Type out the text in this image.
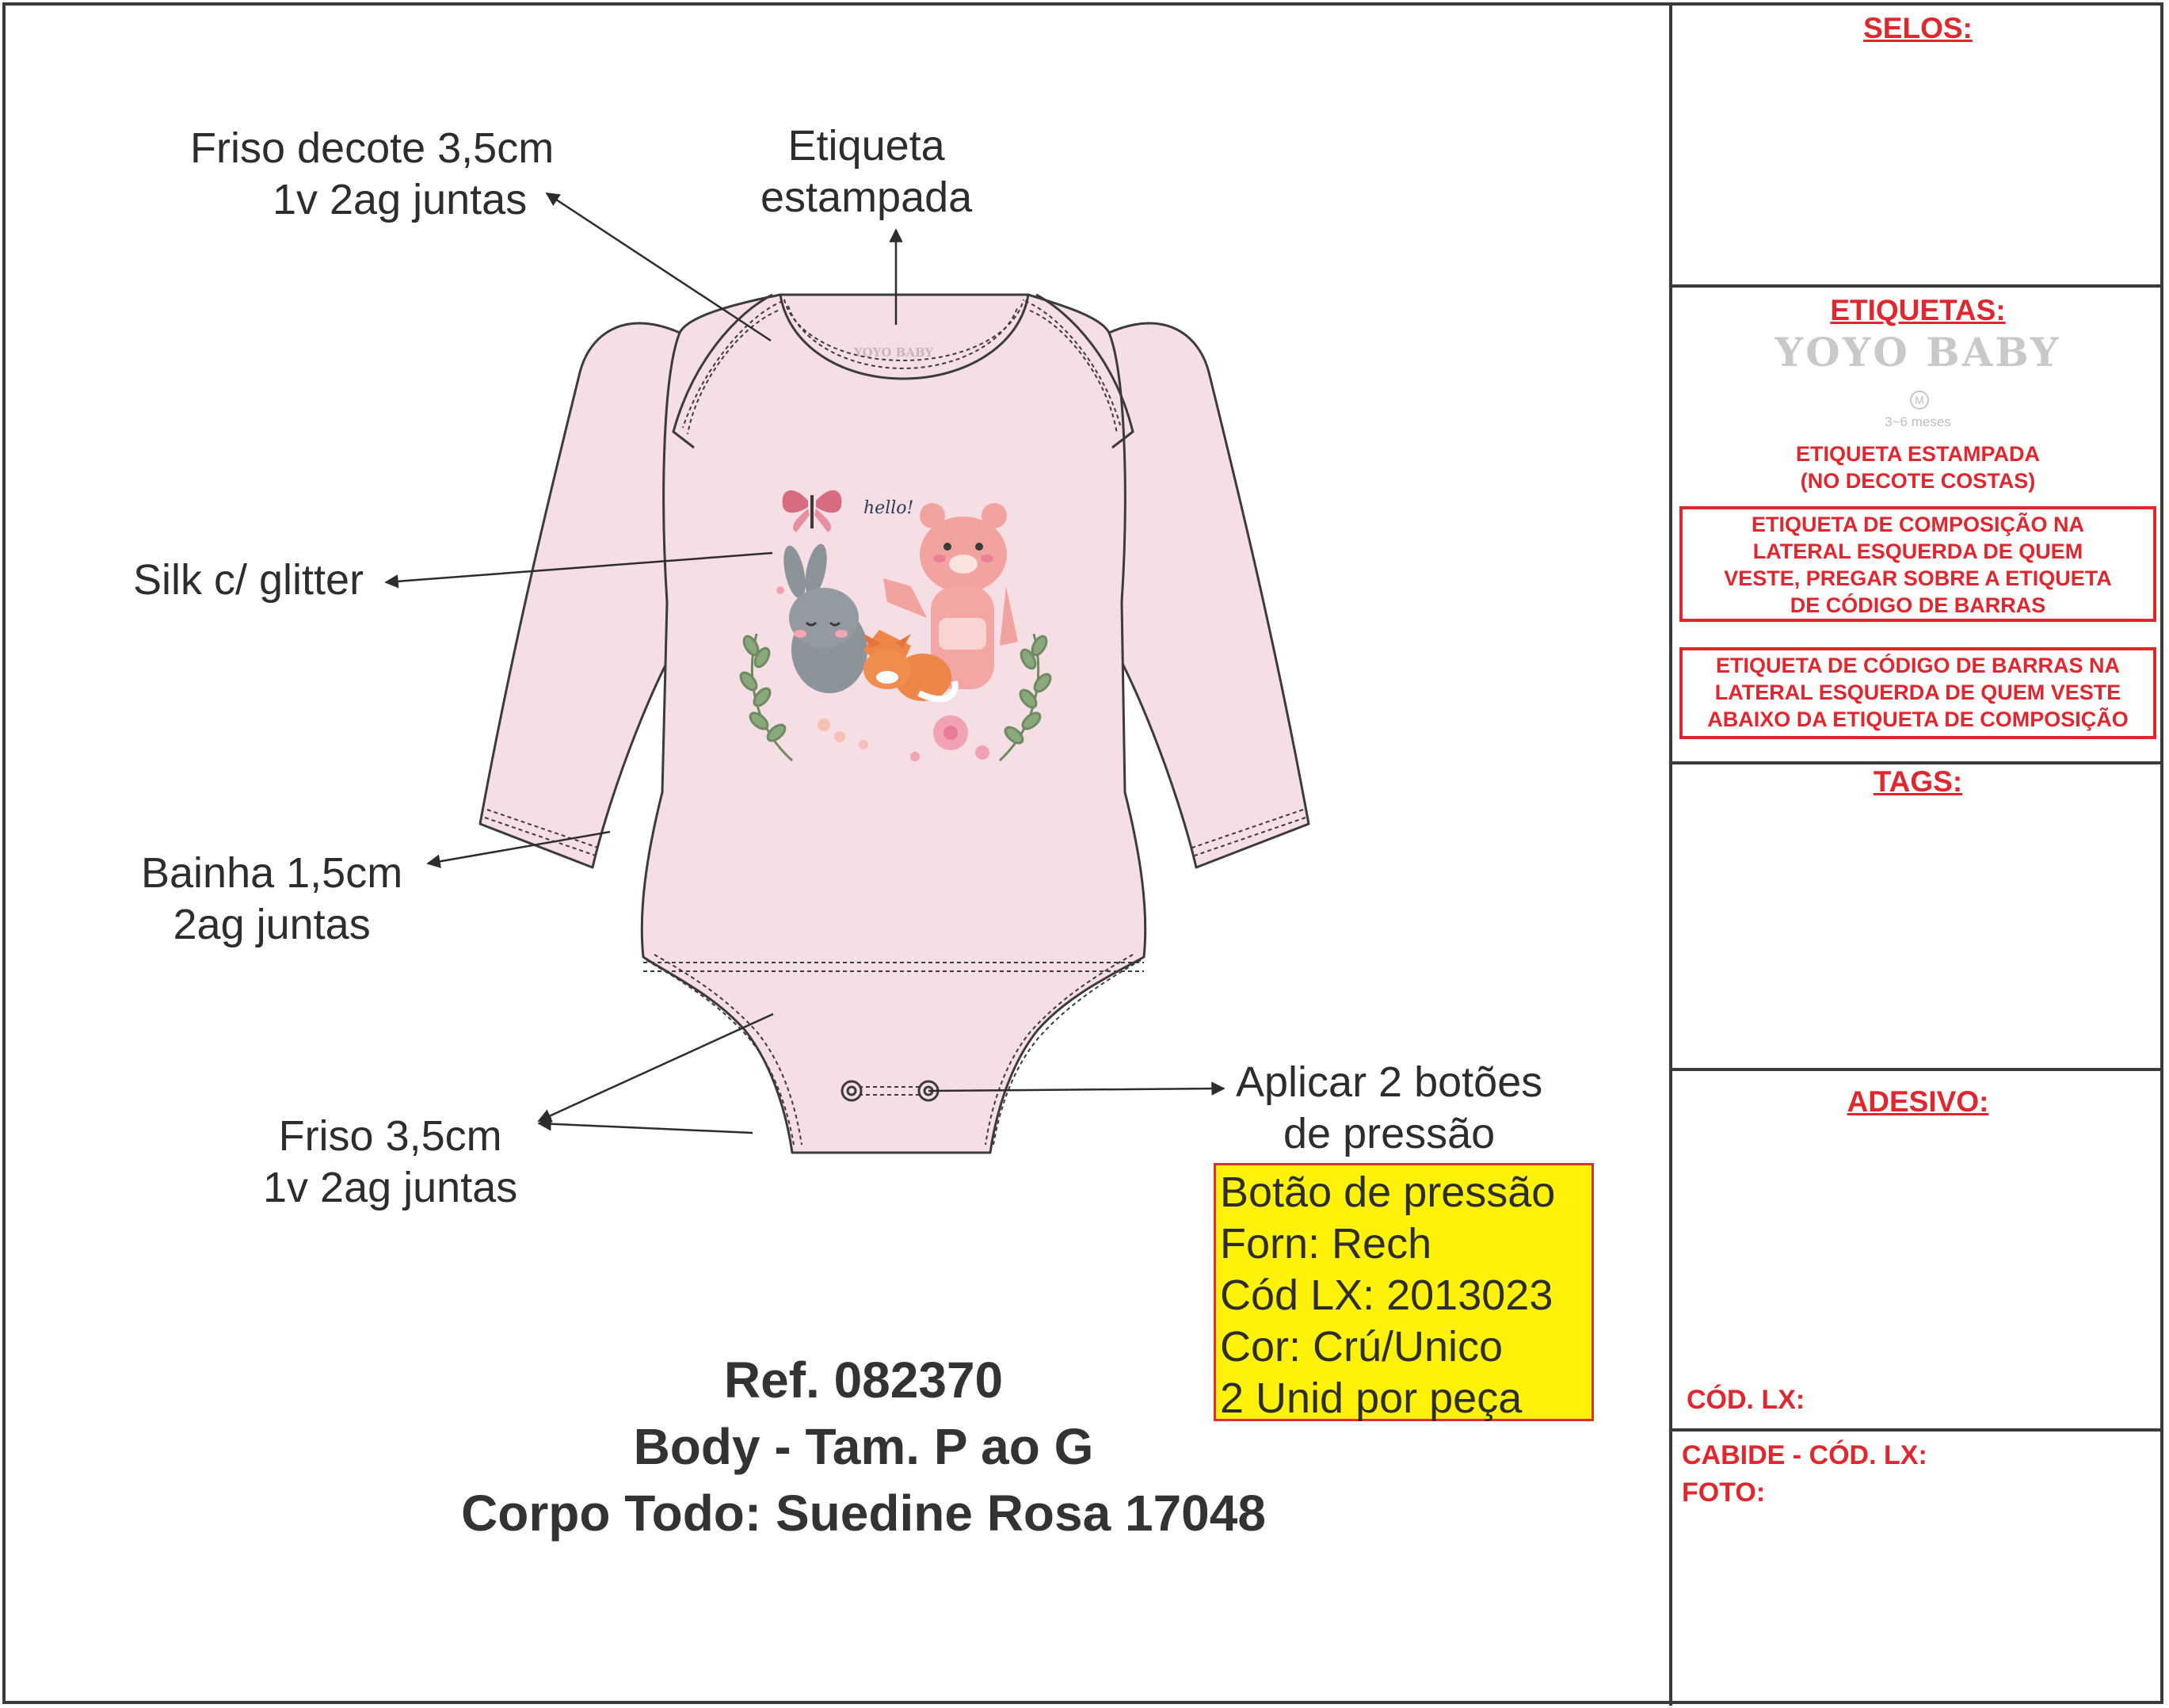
YOYO BABY
hello!
Friso decote 3,5cm
1v 2ag juntas
Etiqueta
estampada
Silk c/ glitter
Bainha 1,5cm
2ag juntas
Friso 3,5cm
1v 2ag juntas
Aplicar 2 botões
de pressão
Botão de pressão
Forn: Rech
Cód LX: 2013023
Cor: Crú/Unico
2 Unid por peça
Ref. 082370
Body - Tam. P ao G
Corpo Todo: Suedine Rosa 17048
SELOS:
ETIQUETAS:
YOYO BABY
M
3~6 meses
ETIQUETA ESTAMPADA
(NO DECOTE COSTAS)
ETIQUETA DE COMPOSIÇÃO NA
LATERAL ESQUERDA DE QUEM
VESTE, PREGAR SOBRE A ETIQUETA
DE CÓDIGO DE BARRAS
ETIQUETA DE CÓDIGO DE BARRAS NA
LATERAL ESQUERDA DE QUEM VESTE
ABAIXO DA ETIQUETA DE COMPOSIÇÃO
TAGS:
ADESIVO:
CÓD. LX:
CABIDE - CÓD. LX:
FOTO:
